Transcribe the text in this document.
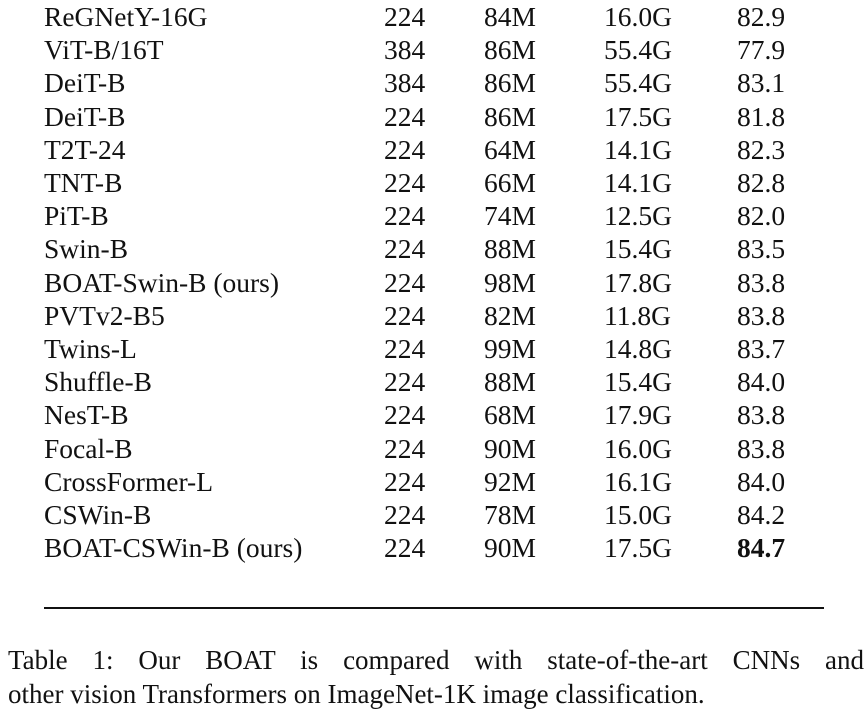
ReGNetY-16G	224	84M	16.0G	82.9
ViT-B/16T	384	86M	55.4G	77.9
DeiT-B	384	86M	55.4G	83.1
DeiT-B	224	86M	17.5G	81.8
T2T-24	224	64M	14.1G	82.3
TNT-B	224	66M	14.1G	82.8
PiT-B	224	74M	12.5G	82.0
Swin-B	224	88M	15.4G	83.5
BOAT-Swin-B (ours)	224	98M	17.8G	83.8
PVTv2-B5	224	82M	11.8G	83.8
Twins-L	224	99M	14.8G	83.7
Shuffle-B	224	88M	15.4G	84.0
NesT-B	224	68M	17.9G	83.8
Focal-B	224	90M	16.0G	83.8
CrossFormer-L	224	92M	16.1G	84.0
CSWin-B	224	78M	15.0G	84.2
BOAT-CSWin-B (ours)	224	90M	17.5G	84.7
Table 1: Our BOAT is compared with state-of-the-art CNNs and
other vision Transformers on ImageNet-1K image classification.
